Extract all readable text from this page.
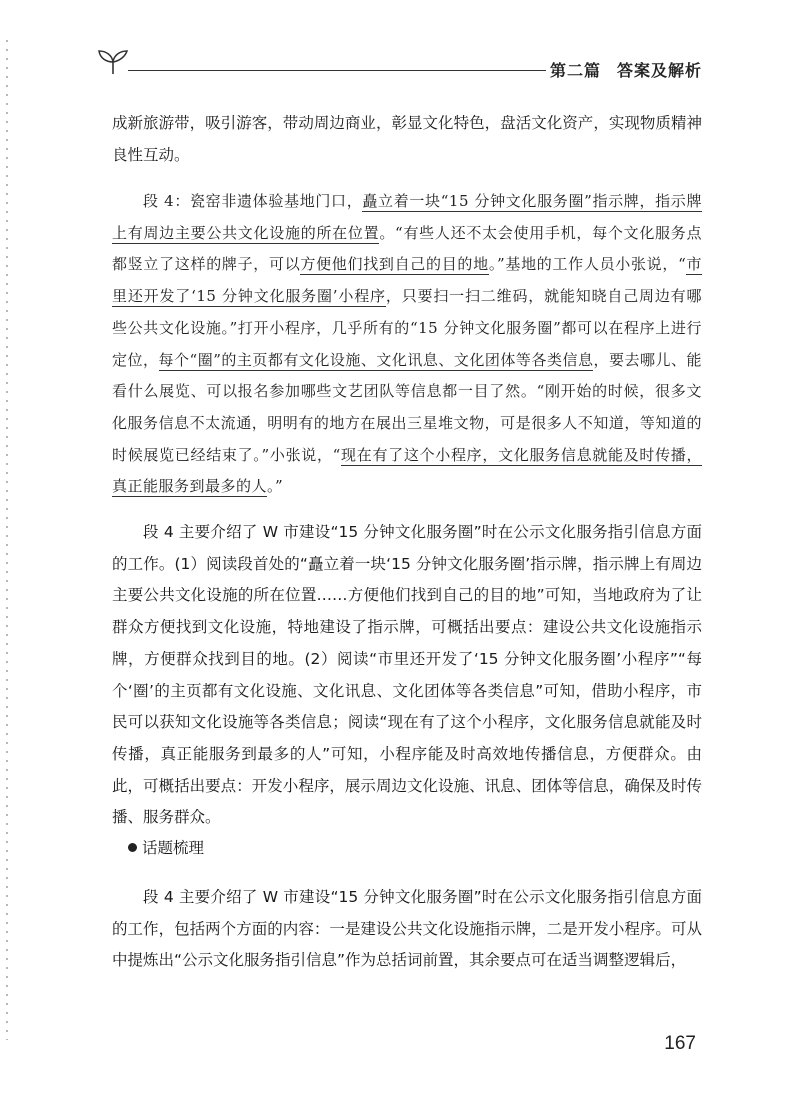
第二篇 答案及解析

成新旅游带，吸引游客，带动周边商业，彰显文化特色，盘活文化资产，实现物质精神良性互动。

段 4：瓷窑非遗体验基地门口，矗立着一块“15 分钟文化服务圈”指示牌，指示牌上有周边主要公共文化设施的所在位置。“有些人还不太会使用手机，每个文化服务点都竖立了这样的牌子，可以方便他们找到自己的目的地。”基地的工作人员小张说，“市里还开发了‘15 分钟文化服务圈’小程序，只要扫一扫二维码，就能知晓自己周边有哪些公共文化设施。”打开小程序，几乎所有的“15 分钟文化服务圈”都可以在程序上进行定位，每个“圈”的主页都有文化设施、文化讯息、文化团体等各类信息，要去哪儿、能看什么展览、可以报名参加哪些文艺团队等信息都一目了然。“刚开始的时候，很多文化服务信息不太流通，明明有的地方在展出三星堆文物，可是很多人不知道，等知道的时候展览已经结束了。”小张说，“现在有了这个小程序，文化服务信息就能及时传播，真正能服务到最多的人。”

段 4 主要介绍了 W 市建设“15 分钟文化服务圈”时在公示文化服务指引信息方面的工作。(1）阅读段首处的“矗立着一块‘15 分钟文化服务圈’指示牌，指示牌上有周边主要公共文化设施的所在位置……方便他们找到自己的目的地”可知，当地政府为了让群众方便找到文化设施，特地建设了指示牌，可概括出要点：建设公共文化设施指示牌，方便群众找到目的地。(2）阅读“市里还开发了‘15 分钟文化服务圈’小程序”“每个‘圈’的主页都有文化设施、文化讯息、文化团体等各类信息”可知，借助小程序，市民可以获知文化设施等各类信息；阅读“现在有了这个小程序，文化服务信息就能及时传播，真正能服务到最多的人”可知，小程序能及时高效地传播信息，方便群众。由此，可概括出要点：开发小程序，展示周边文化设施、讯息、团体等信息，确保及时传播、服务群众。

话题梳理

段 4 主要介绍了 W 市建设“15 分钟文化服务圈”时在公示文化服务指引信息方面的工作，包括两个方面的内容：一是建设公共文化设施指示牌，二是开发小程序。可从中提炼出“公示文化服务指引信息”作为总括词前置，其余要点可在适当调整逻辑后，

167
